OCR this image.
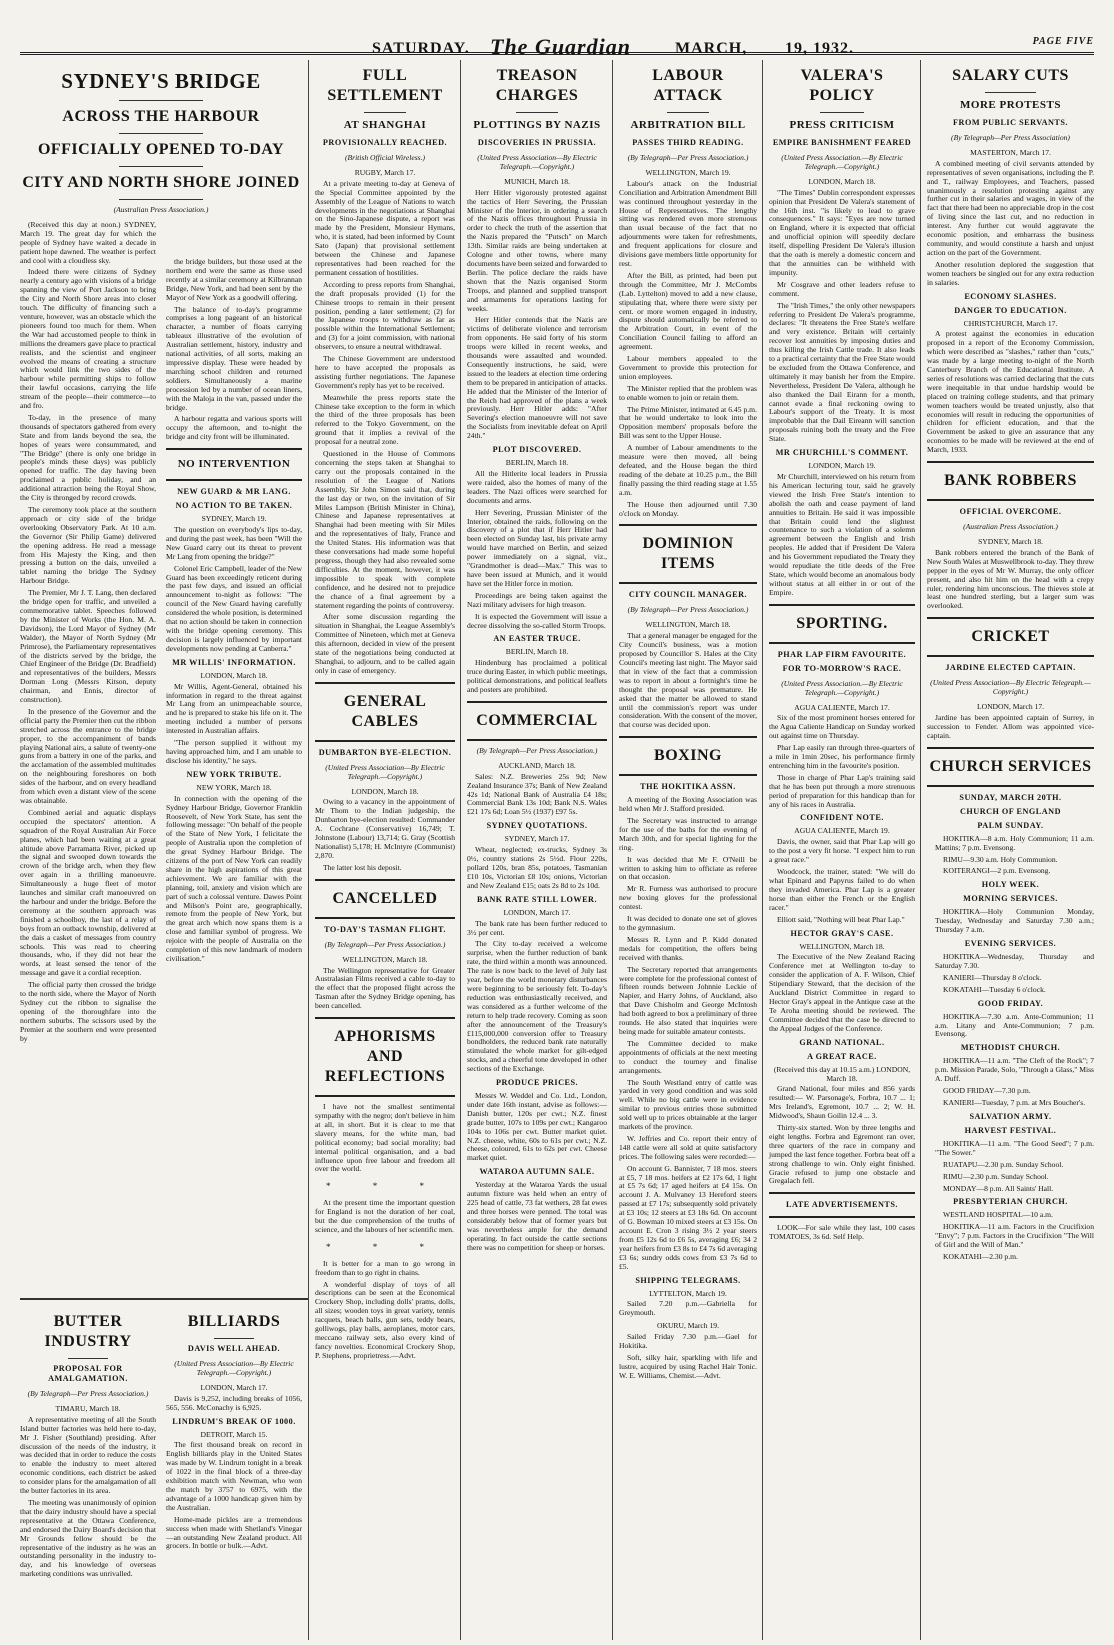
SATURDAY. The Guardian	MARCH, 19, 1932.	PAGE FIVE
SYDNEY'S BRIDGE
ACROSS THE HARBOUR
OFFICIALLY OPENED TO-DAY
CITY AND NORTH SHORE JOINED
(Australian Press Association.)

(Received this day at noon.) SYDNEY, March 19. The great day for which the people of Sydney have waited a decade in patient hope dawned. The weather is perfect and cool with a cloudless sky.

Indeed there were citizens of Sydney nearly a century ago with visions of a bridge spanning the view of Port Jackson to bring the City and North Shore areas into closer touch. The difficulty of financing such a venture, however, was an obstacle which the pioneers found too much for them. When the War had accustomed people to think in millions the dreamers gave place to practical realists, and the scientist and engineer evolved the means of creating a structure which would link the two sides of the harbour while permitting ships to follow their lawful occasions, carrying the life stream of the people—their commerce—to and fro.

To-day, in the presence of many thousands of spectators gathered from every State and from lands beyond the sea, the hopes of years were consummated, and "The Bridge" (there is only one bridge in people's minds these days) was publicly opened for traffic. The day having been proclaimed a public holiday, and an additional attraction being the Royal Show, the City is thronged by record crowds.

The ceremony took place at the southern approach or city side of the bridge overlooking Observatory Park. At 10 a.m. the Governor (Sir Philip Game) delivered the opening address. He read a message from His Majesty the King, and then pressing a button on the dais, unveiled a tablet naming the bridge The Sydney Harbour Bridge.

The Premier, Mr J. T. Lang, then declared the bridge open for traffic, and unveiled a commemorative tablet. Speeches followed by the Minister of Works (the Hon. M. A. Davidson), the Lord Mayor of Sydney (Mr Walder), the Mayor of North Sydney (Mr Primrose), the Parliamentary representatives of the districts served by the bridge, the Chief Engineer of the Bridge (Dr. Bradfield) and representatives of the builders, Messrs Dorman Long (Messrs Kitson, deputy chairman, and Ennis, director of construction).

In the presence of the Governor and the official party the Premier then cut the ribbon stretched across the entrance to the bridge proper, to the accompaniment of bands playing National airs, a salute of twenty-one guns from a battery in one of the parks, and the acclamation of the assembled multitudes on the neighbouring foreshores on both sides of the harbour, and on every headland from which even a distant view of the scene was obtainable.

Combined aerial and aquatic displays occupied the spectators' attention. A squadron of the Royal Australian Air Force planes, which had been waiting at a great altitude above Parramatta River, picked up the signal and swooped down towards the crown of the bridge arch, when they flew over again in a thrilling manoeuvre. Simultaneously a huge fleet of motor launches and similar craft manoeuvred on the harbour and under the bridge. Before the ceremony at the southern approach was finished a schoolboy, the last of a relay of boys from an outback township, delivered at the dais a casket of messages from country schools. This was read to cheering thousands, who, if they did not hear the words, at least sensed the tenor of the message and gave it a cordial reception.

The official party then crossed the bridge to the north side, where the Mayor of North Sydney cut the ribbon to signalise the opening of the thoroughfare into the northern suburbs. The scissors used by the Premier at the southern end were presented by

the bridge builders, but those used at the northern end were the same as those used recently at a similar ceremony at Kilbrannan Bridge, New York, and had been sent by the Mayor of New York as a goodwill offering.

The balance of to-day's programme comprises a long pageant of an historical character, a number of floats carrying tableaux illustrative of the evolution of Australian settlement, history, industry and national activities, of all sorts, making an impressive display. These were headed by marching school children and returned soldiers. Simultaneously a marine procession led by a number of ocean liners, with the Maloja in the van, passed under the bridge.

A harbour regatta and various sports will occupy the afternoon, and to-night the bridge and city front will be illuminated.

NO INTERVENTION
NEW GUARD & MR LANG.
NO ACTION TO BE TAKEN.
SYDNEY, March 19.

The question on everybody's lips to-day, and during the past week, has been "Will the New Guard carry out its threat to prevent Mr Lang from opening the bridge?"

Colonel Eric Campbell, leader of the New Guard has been exceedingly reticent during the past few days, and issued an official announcement to-night as follows: "The council of the New Guard having carefully considered the whole position, is determined that no action should be taken in connection with the bridge opening ceremony. This decision is largely influenced by important developments now pending at Canberra."

MR WILLIS' INFORMATION.
LONDON, March 18.

Mr Willis, Agent-General, obtained his information in regard to the threat against Mr Lang from an unimpeachable source, and he is prepared to stake his life on it. The meeting included a number of persons interested in Australian affairs.

"The person supplied it without my having approached him, and I am unable to disclose his identity," he says.

NEW YORK TRIBUTE.
NEW YORK, March 18.

In connection with the opening of the Sydney Harbour Bridge, Governor Franklin Roosevelt, of New York State, has sent the following message: "On behalf of the people of the State of New York, I felicitate the people of Australia upon the completion of the great Sydney Harbour Bridge. The citizens of the port of New York can readily share in the high aspirations of this great achievement. We are familiar with the planning, toil, anxiety and vision which are part of such a colossal venture. Dawes Point and Milson's Point are, geographically, remote from the people of New York, but the great arch which now spans them is a close and familiar symbol of progress. We rejoice with the people of Australia on the completion of this new landmark of modern civilisation."

BUTTER INDUSTRY
PROPOSAL FOR AMALGAMATION.
(By Telegraph—Per Press Association.)
TIMARU, March 18.

A representative meeting of all the South Island butter factories was held here to-day, Mr J. Fisher (Southland) presiding. After discussion of the needs of the industry, it was decided that in order to reduce the costs to enable the industry to meet altered economic conditions, each district be asked to consider plans for the amalgamation of all the butter factories in its area.

The meeting was unanimously of opinion that the dairy industry should have a special representative at the Ottawa Conference, and endorsed the Dairy Board's decision that Mr Grounds fellow should be the representative of the industry as he was an outstanding personality in the industry to-day, and his knowledge of overseas marketing conditions was unrivalled.

BILLIARDS
DAVIS WELL AHEAD.
(United Press Association—By Electric Telegraph.—Copyright.)
LONDON, March 17.

Davis is 9,252, including breaks of 1056, 565, 556. McConachy is 6,925.

LINDRUM'S BREAK OF 1000.
DETROIT, March 15.

The first thousand break on record in English billiards play in the United States was made by W. Lindrum tonight in a break of 1022 in the final block of a three-day exhibition match with Newman, who won the match by 3757 to 6975, with the advantage of a 1000 handicap given him by the Australian.

Home-made pickles are a tremendous success when made with Shetland's Vinegar—an outstanding New Zealand product. All grocers. In bottle or bulk.—Advt.

FULL SETTLEMENT
AT SHANGHAI
PROVISIONALLY REACHED.
(British Official Wireless.)
RUGBY, March 17.

At a private meeting to-day at Geneva of the Special Committee appointed by the Assembly of the League of Nations to watch developments in the negotiations at Shanghai on the Sino-Japanese dispute, a report was made by the President, Monsieur Hymans, who, it is stated, had been informed by Count Sato (Japan) that provisional settlement between the Chinese and Japanese representatives had been reached for the permanent cessation of hostilities.

According to press reports from Shanghai, the draft proposals provided (1) for the Chinese troops to remain in their present position, pending a later settlement; (2) for the Japanese troops to withdraw as far as possible within the International Settlement; and (3) for a joint commission, with national observers, to ensure a neutral withdrawal.

The Chinese Government are understood here to have accepted the proposals as assisting further negotiations. The Japanese Government's reply has yet to be received.

Meanwhile the press reports state the Chinese take exception to the form in which the third of the three proposals has been referred to the Tokyo Government, on the ground that it implies a revival of the proposal for a neutral zone.

Questioned in the House of Commons concerning the steps taken at Shanghai to carry out the proposals contained in the resolution of the League of Nations Assembly, Sir John Simon said that, during the last day or two, on the invitation of Sir Miles Lampson (British Minister in China), Chinese and Japanese representatives at Shanghai had been meeting with Sir Miles and the representatives of Italy, France and the United States. His information was that these conversations had made some hopeful progress, though they had also revealed some difficulties. At the moment, however, it was impossible to speak with complete confidence, and he desired not to prejudice the chance of a final agreement by a statement regarding the points of controversy.

After some discussion regarding the situation in Shanghai, the League Assembly's Committee of Nineteen, which met at Geneva this afternoon, decided in view of the present state of the negotiations being conducted at Shanghai, to adjourn, and to be called again only in case of emergency.

GENERAL CABLES
DUMBARTON BYE-ELECTION.
(United Press Association—By Electric Telegraph.—Copyright.)
LONDON, March 18.

Owing to a vacancy in the appointment of Mr Thom to the Indian judgeship, the Dunbarton bye-election resulted: Commander A. Cochrane (Conservative) 16,749; T. Johnstone (Labour) 13,714; G. Gray (Scottish Nationalist) 5,178; H. McIntyre (Communist) 2,870.

The latter lost his deposit.

CANCELLED
TO-DAY'S TASMAN FLIGHT.
(By Telegraph—Per Press Association.)
WELLINGTON, March 18.

The Wellington representative for Greater Australasian Films received a cable to-day to the effect that the proposed flight across the Tasman after the Sydney Bridge opening, has been cancelled.

APHORISMS AND REFLECTIONS

I have not the smallest sentimental sympathy with the negro; don't believe in him at all, in short. But it is clear to me that slavery means, for the white man, bad political economy; bad social morality; bad internal political organisation, and a bad influence upon free labour and freedom all over the world.

* * *

At the present time the important question for England is not the duration of her coal, but the due comprehension of the truths of science, and the labours of her scientific men.

* * *

It is better for a man to go wrong in freedom than to go right in chains.

A wonderful display of toys of all descriptions can be seen at the Economical Crockery Shop, including dolls' prams, dolls, all sizes; wooden toys in great variety, tennis racquets, beach balls, gun sets, teddy bears, golliwogs, play balls, aeroplanes, motor cars, meccano railway sets, also every kind of fancy novelties. Economical Crockery Shop, P. Stephens, proprietress.—Advt.

TREASON CHARGES
PLOTTINGS BY NAZIS
DISCOVERIES IN PRUSSIA.
(United Press Association—By Electric Telegraph.—Copyright.)
MUNICH, March 18.

Herr Hitler vigorously protested against the tactics of Herr Severing, the Prussian Minister of the Interior, in ordering a search of the Nazis offices throughout Prussia in order to check the truth of the assertion that the Nazis prepared the "Putsch" on March 13th. Similar raids are being undertaken at Cologne and other towns, where many documents have been seized and forwarded to Berlin. The police declare the raids have shown that the Nazis organised Storm Troops, and planned and supplied transport and armaments for operations lasting for weeks.

Herr Hitler contends that the Nazis are victims of deliberate violence and terrorism from opponents. He said forty of his storm troops were killed in recent weeks, and thousands were assaulted and wounded. Consequently instructions, he said, were issued to the leaders at election time ordering them to be prepared in anticipation of attacks. He added that the Minister of the Interior of the Reich had approved of the plans a week previously. Herr Hitler adds: "After Severing's election manoeuvre will not save the Socialists from inevitable defeat on April 24th."

PLOT DISCOVERED.
BERLIN, March 18.

All the Hitlerite local leaders in Prussia were raided, also the homes of many of the leaders. The Nazi offices were searched for documents and arms.

Herr Severing, Prussian Minister of the Interior, obtained the raids, following on the discovery of a plot that if Herr Hitler had been elected on Sunday last, his private army would have marched on Berlin, and seized power immediately on a signal, viz., "Grandmother is dead—Max." This was to have been issued at Munich, and it would have set the Hitler force in motion.

Proceedings are being taken against the Nazi military advisers for high treason.

It is expected the Government will issue a decree dissolving the so-called Storm Troops.

AN EASTER TRUCE.
BERLIN, March 18.

Hindenburg has proclaimed a political truce during Easter, in which public meetings, political demonstrations, and political leaflets and posters are prohibited.

COMMERCIAL
(By Telegraph—Per Press Association.)
AUCKLAND, March 18.

Sales: N.Z. Breweries 25s 9d; New Zealand Insurance 37s; Bank of New Zealand 42s 1d; National Bank of Australia £4 18s; Commercial Bank 13s 10d; Bank N.S. Wales £21 17s 6d; Loan 5½ (1937) £97 5s.

SYDNEY QUOTATIONS.
SYDNEY, March 17.

Wheat, neglected; ex-trucks, Sydney 3s 0½, country stations 2s 5½d. Flour 220s, pollard 120s, bran 85s, potatoes, Tasmanian £10 10s, Victorian £8 10s; onions, Victorian and New Zealand £15; oats 2s 8d to 2s 10d.

BANK RATE STILL LOWER.
LONDON, March 17.

The bank rate has been further reduced to 3½ per cent.

The City to-day received a welcome surprise, when the further reduction of bank rate, the third within a month was announced. The rate is now back to the level of July last year, before the world monetary disturbances were beginning to be seriously felt. To-day's reduction was enthusiastically received, and was considered as a further welcome of the return to help trade recovery. Coming as soon after the announcement of the Treasury's £115,000,000 conversion offer to Treasury bondholders, the reduced bank rate naturally stimulated the whole market for gilt-edged stocks, and a cheerful tone developed in other sections of the Exchange.

PRODUCE PRICES.

Messrs W. Weddel and Co. Ltd., London, under date 16th instant, advise as follows:— Danish butter, 120s per cwt.; N.Z. finest grade butter, 107s to 109s per cwt.; Kangaroo 104s to 106s per cwt. Butter market quiet. N.Z. cheese, white, 60s to 61s per cwt.; N.Z. cheese, coloured, 61s to 62s per cwt. Cheese market quiet.

WATAROA AUTUMN SALE.

Yesterday at the Wataroa Yards the usual autumn fixture was held when an entry of 225 head of cattle, 73 fat wethers, 28 fat ewes and three horses were penned. The total was considerably below that of former years but was nevertheless ample for the demand operating. In fact outside the cattle sections there was no competition for sheep or horses.

LABOUR ATTACK
ARBITRATION BILL
PASSES THIRD READING.
(By Telegraph—Per Press Association.)
WELLINGTON, March 19.

Labour's attack on the Industrial Conciliation and Arbitration Amendment Bill was continued throughout yesterday in the House of Representatives. The lengthy sitting was rendered even more strenuous than usual because of the fact that no adjournments were taken for refreshments, and frequent applications for closure and divisions gave members little opportunity for rest.

After the Bill, as printed, had been put through the Committee, Mr J. McCombs (Lab. Lyttelton) moved to add a new clause, stipulating that, where there were sixty per cent. or more women engaged in industry, dispute should automatically be referred to the Arbitration Court, in event of the Conciliation Council failing to afford an agreement.

Labour members appealed to the Government to provide this protection for union employees.

The Minister replied that the problem was to enable women to join or retain them.

The Prime Minister, intimated at 6.45 p.m. that he would undertake to look into the Opposition members' proposals before the Bill was sent to the Upper House.

A number of Labour amendments to the measure were then moved, all being defeated, and the House began the third reading of the debate at 10.25 p.m., the Bill finally passing the third reading stage at 1.55 a.m.

The House then adjourned until 7.30 o'clock on Monday.

DOMINION ITEMS
CITY COUNCIL MANAGER.
(By Telegraph—Per Press Association.)
WELLINGTON, March 18.

That a general manager be engaged for the City Council's business, was a motion proposed by Councillor S. Hales at the City Council's meeting last night. The Mayor said that in view of the fact that a commission was to report in about a fortnight's time he thought the proposal was premature. He asked that the matter be allowed to stand until the commission's report was under consideration. With the consent of the mover, that course was decided upon.

BOXING
THE HOKITIKA ASSN.

A meeting of the Boxing Association was held when Mr J. Stafford presided.

The Secretary was instructed to arrange for the use of the baths for the evening of March 30th, and for special lighting for the ring.

It was decided that Mr F. O'Neill be written to asking him to officiate as referee on that occasion.

Mr R. Furness was authorised to procure new boxing gloves for the professional contest.

It was decided to donate one set of gloves to the gymnasium.

Messrs R. Lynn and P. Kidd donated medals for competition, the offers being received with thanks.

The Secretary reported that arrangements were complete for the professional contest of fifteen rounds between Johnnie Leckie of Napier, and Harry Johns, of Auckland, also that Dave Chisholm and George McIntosh had both agreed to box a preliminary of three rounds. He also stated that inquiries were being made for suitable amateur contests.

The Committee decided to make appointments of officials at the next meeting to conduct the tourney and finalise arrangements.

The South Westland entry of cattle was yarded in very good condition and was sold well. While no big cattle were in evidence similar to previous entries those submitted sold well up to prices obtainable at the larger markets of the province.

W. Jeffries and Co. report their entry of 148 cattle were all sold at quite satisfactory prices. The following sales were recorded:—

On account G. Bannister, 7 18 mos. steers at £5, 7 18 mos. heifers at £2 17s 6d, 1 light at £5 7s 6d; 17 aged heifers at £4 15s. On account J. A. Mulvaney 13 Hereford steers passed at £7 17s; subsequently sold privately at £3 10s; 12 steers at £3 18s 6d. On account of G. Bowman 10 mixed steers at £3 15s. On account E. Cron 3 rising 3½ 2 year steers from £5 12s 6d to £6 5s, averaging £6; 34 2 year heifers from £3 8s to £4 7s 6d averaging £3 6s; sundry odds cows from £3 7s 6d to £5.

SHIPPING TELEGRAMS.
LYTTELTON, March 19.

Sailed 7.20 p.m.—Gabriella for Greymouth.

OKURU, March 19.

Sailed Friday 7.30 p.m.—Gael for Hokitika.

Soft, silky hair, sparkling with life and lustre, acquired by using Rachel Hair Tonic. W. E. Williams, Chemist.—Advt.

VALERA'S POLICY
PRESS CRITICISM
EMPIRE BANISHMENT FEARED
(United Press Association.—By Electric Telegraph.—Copyright.)
LONDON, March 18.

"The Times" Dublin correspondent expresses opinion that President De Valera's statement of the 16th inst. "is likely to lead to grave consequences." It says: "Eyes are now turned on England, where it is expected that official and unofficial opinion will speedily declare itself, dispelling President De Valera's illusion that the oath is merely a domestic concern and that the annuities can be withheld with impunity.

Mr Cosgrave and other leaders refuse to comment.

The "Irish Times," the only other newspapers referring to President De Valera's programme, declares: "It threatens the Free State's welfare and very existence. Britain will certainly recover lost annuities by imposing duties and thus killing the Irish Cattle trade. It also leads to a practical certainty that the Free State would be excluded from the Ottawa Conference, and ultimately it may banish her from the Empire. Nevertheless, President De Valera, although he also thanked the Dail Eirann for a month, cannot evade a final reckoning owing to Labour's support of the Treaty. It is most improbable that the Dail Eireann will sanction proposals ruining both the treaty and the Free State.

MR CHURCHILL'S COMMENT.
LONDON, March 19.

Mr Churchill, interviewed on his return from his American lecturing tour, said he gravely viewed the Irish Free State's intention to abolish the oath and cease payment of land annuities to Britain. He said it was impossible that Britain could lend the slightest countenance to such a violation of a solemn agreement between the English and Irish peoples. He added that if President De Valera and his Government repudiated the Treaty they would repudiate the title deeds of the Free State, which would become an anomalous body without status at all either in or out of the Empire.

SPORTING.
PHAR LAP FIRM FAVOURITE.
FOR TO-MORROW'S RACE.
(United Press Association.—By Electric Telegraph.—Copyright.)
AGUA CALIENTE, March 17.

Six of the most prominent horses entered for the Agua Caliente Handicap on Sunday worked out against time on Thursday.

Phar Lap easily ran through three-quarters of a mile in 1min 20sec, his performance firmly entrenching him in the favourite's position.

Those in charge of Phar Lap's training said that he has been put through a more strenuous period of preparation for this handicap than for any of his races in Australia.

CONFIDENT NOTE.
AGUA CALIENTE, March 19.

Davis, the owner, said that Phar Lap will go to the post a very fit horse. "I expect him to run a great race."

Woodcock, the trainer, stated: "We will do what Epinard and Papyrus failed to do when they invaded America. Phar Lap is a greater horse than either the French or the English racer."

Elliott said, "Nothing will beat Phar Lap."

HECTOR GRAY'S CASE.
WELLINGTON, March 18.

The Executive of the New Zealand Racing Conference met at Wellington to-day to consider the application of A. F. Wilson, Chief Stipendiary Steward, that the decision of the Auckland District Committee in regard to Hector Gray's appeal in the Antique case at the Te Aroha meeting should be reviewed. The Committee decided that the case be directed to the Appeal Judges of the Conference.

GRAND NATIONAL.
A GREAT RACE.
(Received this day at 10.15 a.m.) LONDON, March 18.

Grand National, four miles and 856 yards resulted:— W. Parsonage's, Forbra, 10.7 ... 1; Mrs Ireland's, Egremont, 10.7 ... 2; W. H. Midwood's, Shaun Goilin 12.4 ... 3.

Thirty-six started. Won by three lengths and eight lengths. Forbra and Egremont ran over, three quarters of the race in company and jumped the last fence together. Forbra beat off a strong challenge to win. Only eight finished. Gracie refused to jump one obstacle and Gregalach fell.

LATE ADVERTISEMENTS.

LOOK—For sale while they last, 100 cases TOMATOES, 3s 6d. Self Help.

SALARY CUTS
MORE PROTESTS
FROM PUBLIC SERVANTS.
(By Telegraph—Per Press Association)
MASTERTON, March 17.

A combined meeting of civil servants attended by representatives of seven organisations, including the P. and T., railway Employees, and Teachers, passed unanimously a resolution protesting against any further cut in their salaries and wages, in view of the fact that there had been no appreciable drop in the cost of living since the last cut, and no reduction in interest. Any further cut would aggravate the economic position, and embarrass the business community, and would constitute a harsh and unjust action on the part of the Government.

Another resolution deplored the suggestion that women teachers be singled out for any extra reduction in salaries.

ECONOMY SLASHES.
DANGER TO EDUCATION.
CHRISTCHURCH, March 17.

A protest against the economies in education proposed in a report of the Economy Commission, which were described as "slashes," rather than "cuts," was made by a large meeting to-night of the North Canterbury Branch of the Educational Institute. A series of resolutions was carried declaring that the cuts were inequitable in that undue hardship would be placed on training college students, and that primary women teachers would be treated unjustly, also that economies will result in reducing the opportunities of children for efficient education, and that the Government be asked to give an assurance that any economies to be made will be reviewed at the end of March, 1933.

BANK ROBBERS
OFFICIAL OVERCOME.
(Australian Press Association.)
SYDNEY, March 18.

Bank robbers entered the branch of the Bank of New South Wales at Muswellbrook to-day. They threw pepper in the eyes of Mr W. Murray, the only officer present, and also hit him on the head with a crepy ruler, rendering him unconscious. The thieves stole at least one hundred sterling, but a larger sum was overlooked.

CRICKET
JARDINE ELECTED CAPTAIN.
(United Press Association—By Electric Telegraph.—Copyright.)
LONDON, March 17.

Jardine has been appointed captain of Surrey, in succession to Fender. Allom was appointed vice-captain.

CHURCH SERVICES
SUNDAY, MARCH 20TH.
CHURCH OF ENGLAND
PALM SUNDAY.

HOKITIKA—8 a.m. Holy Communion; 11 a.m. Mattins; 7 p.m. Evensong.

RIMU—9.30 a.m. Holy Communion.

KOITERANGI—2 p.m. Evensong.

HOLY WEEK.
MORNING SERVICES.

HOKITIKA—Holy Communion Monday, Tuesday, Wednesday and Saturday 7.30 a.m.; Thursday 7 a.m.

EVENING SERVICES.

HOKITIKA—Wednesday, Thursday and Saturday 7.30.

KANIERI—Thursday 8 o'clock.

KOKATAHI—Tuesday 6 o'clock.

GOOD FRIDAY.

HOKITIKA—7.30 a.m. Ante-Communion; 11 a.m. Litany and Ante-Communion; 7 p.m. Evensong.

METHODIST CHURCH.

HOKITIKA—11 a.m. "The Cleft of the Rock"; 7 p.m. Mission Parade, Solo, "Through a Glass," Miss A. Duff.

GOOD FRIDAY—7.30 p.m.

KANIERI—Tuesday, 7 p.m. at Mrs Boucher's.

SALVATION ARMY.
HARVEST FESTIVAL.

HOKITIKA—11 a.m. "The Good Seed"; 7 p.m. "The Sower."

RUATAPU—2.30 p.m. Sunday School.

RIMU—2.30 p.m. Sunday School.

MONDAY—8 p.m. All Saints' Hall.

PRESBYTERIAN CHURCH.

WESTLAND HOSPITAL—10 a.m.

HOKITIKA—11 a.m. Factors in the Crucifixion "Envy"; 7 p.m. Factors in the Crucifixion "The Will of Girl and the Will of Man."

KOKATAHI—2.30 p.m.
